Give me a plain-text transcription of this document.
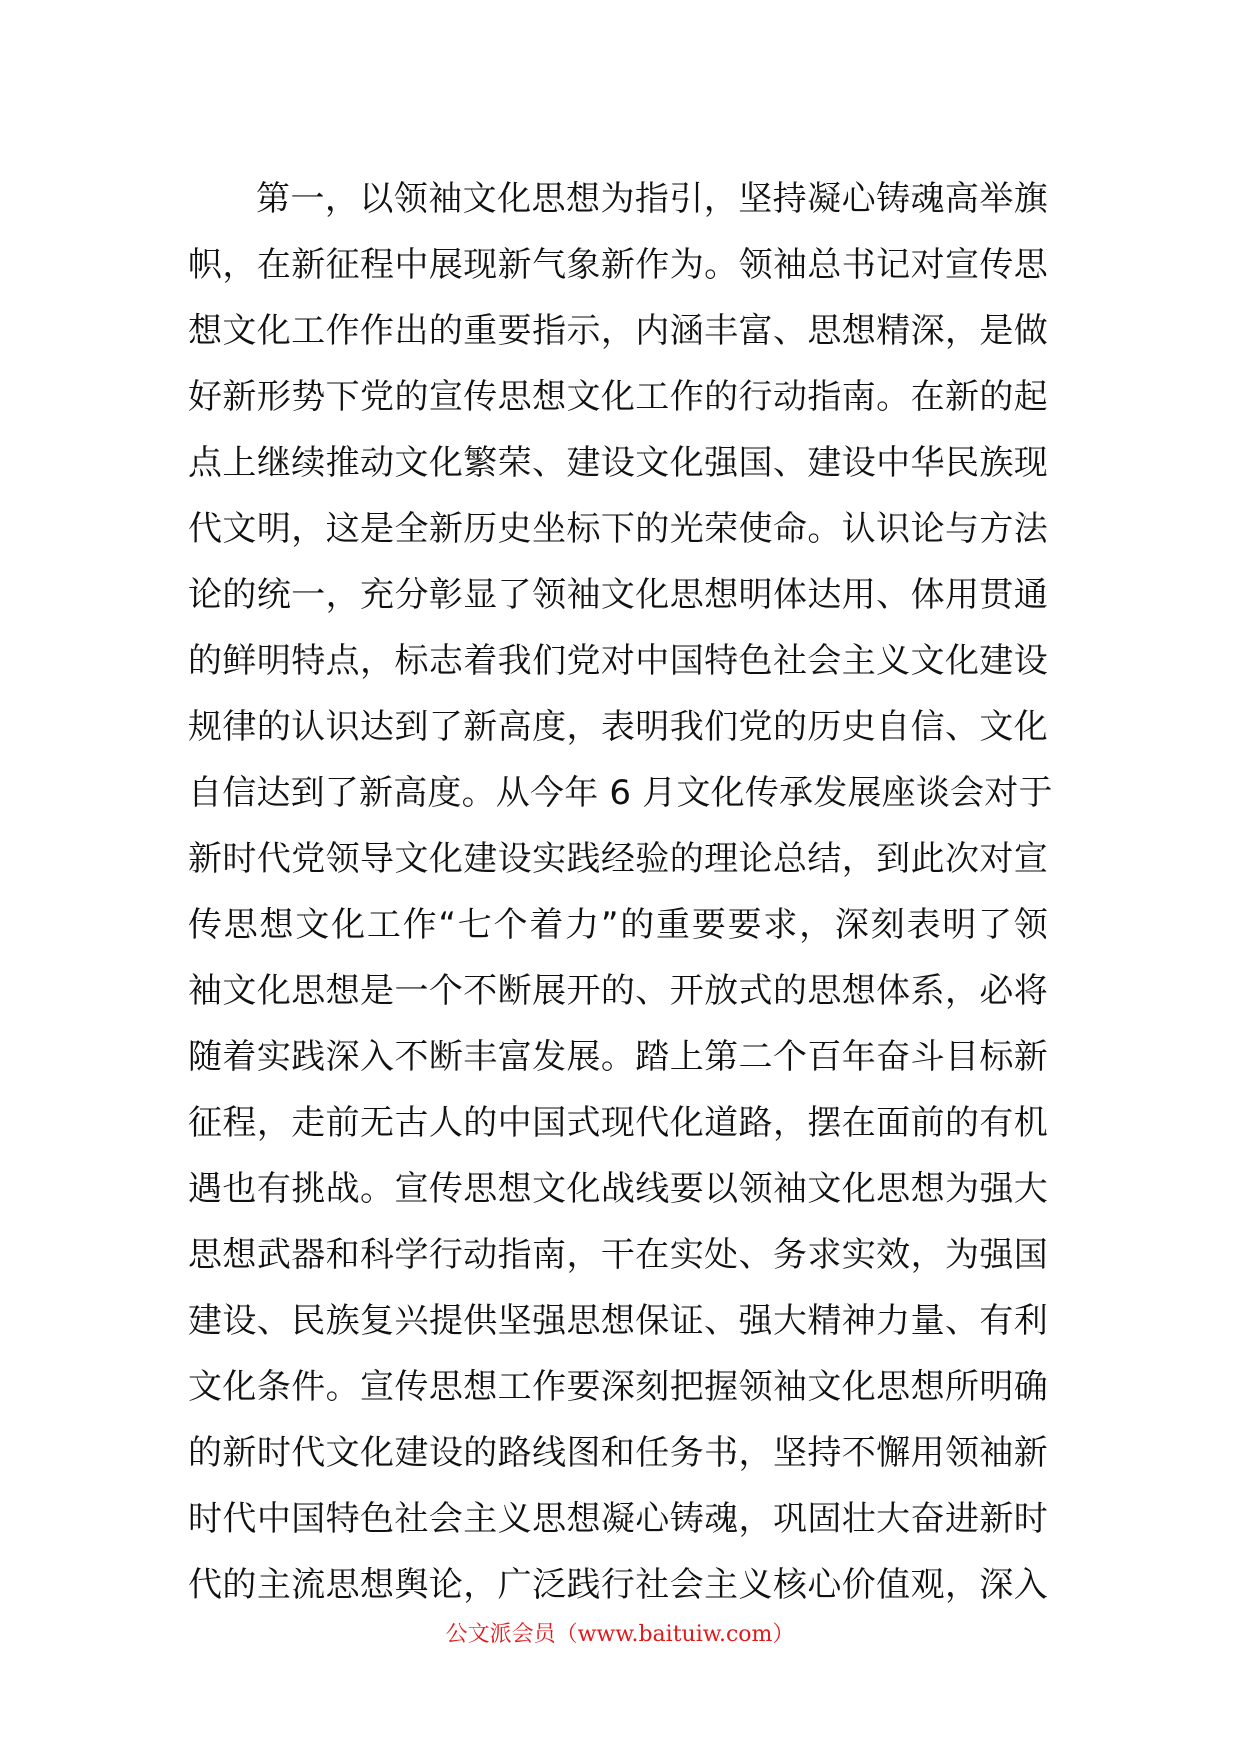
第一，以领袖文化思想为指引，坚持凝心铸魂高举旗
帜，在新征程中展现新气象新作为。领袖总书记对宣传思
想文化工作作出的重要指示，内涵丰富、思想精深，是做
好新形势下党的宣传思想文化工作的行动指南。在新的起
点上继续推动文化繁荣、建设文化强国、建设中华民族现
代文明，这是全新历史坐标下的光荣使命。认识论与方法
论的统一，充分彰显了领袖文化思想明体达用、体用贯通
的鲜明特点，标志着我们党对中国特色社会主义文化建设
规律的认识达到了新高度，表明我们党的历史自信、文化
自信达到了新高度。从今年 6 月文化传承发展座谈会对于
新时代党领导文化建设实践经验的理论总结，到此次对宣
传思想文化工作“七个着力”的重要要求，深刻表明了领
袖文化思想是一个不断展开的、开放式的思想体系，必将
随着实践深入不断丰富发展。踏上第二个百年奋斗目标新
征程，走前无古人的中国式现代化道路，摆在面前的有机
遇也有挑战。宣传思想文化战线要以领袖文化思想为强大
思想武器和科学行动指南，干在实处、务求实效，为强国
建设、民族复兴提供坚强思想保证、强大精神力量、有利
文化条件。宣传思想工作要深刻把握领袖文化思想所明确
的新时代文化建设的路线图和任务书，坚持不懈用领袖新
时代中国特色社会主义思想凝心铸魂，巩固壮大奋进新时
代的主流思想舆论，广泛践行社会主义核心价值观，深入
公文派会员（www.baituiw.com）
